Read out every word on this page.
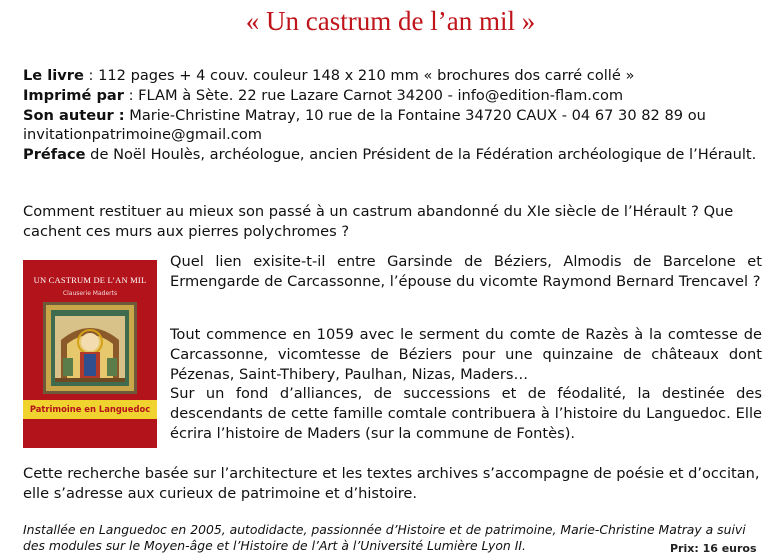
« Un castrum de l’an mil »
Le livre : 112 pages + 4 couv. couleur 148 x 210 mm « brochures dos carré collé »
Imprimé par : FLAM à Sète. 22 rue Lazare Carnot 34200 - info@edition-flam.com
Son auteur : Marie-Christine Matray, 10 rue de la Fontaine 34720 CAUX - 04 67 30 82 89 ou invitationpatrimoine@gmail.com
Préface de Noël Houlès, archéologue, ancien Président de la Fédération archéologique de l’Hérault.
Comment restituer au mieux son passé à un castrum abandonné du XIe siècle de l’Hérault ? Que cachent ces murs aux pierres polychromes ?
UN CASTRUM DE L’AN MIL
Clauserie Maderts
Patrimoine en Languedoc
Quel lien exisite-t-il entre Garsinde de Béziers, Almodis de Barcelone et Ermengarde de Carcassonne, l’épouse du vicomte Raymond Bernard Trencavel ?
Tout commence en 1059 avec le serment du comte de Razès à la comtesse de Carcassonne, vicomtesse de Béziers pour une quinzaine de châteaux dont Pézenas, Saint-Thibery, Paulhan, Nizas, Maders…
Sur un fond d’alliances, de successions et de féodalité, la destinée des descendants de cette famille comtale contribuera à l’histoire du Languedoc. Elle écrira l’histoire de Maders (sur la commune de Fontès).
Cette recherche basée sur l’architecture et les textes archives s’accompagne de poésie et d’occitan, elle s’adresse aux curieux de patrimoine et d’histoire.
Installée en Languedoc en 2005, autodidacte, passionnée d’Histoire et de patrimoine, Marie-Christine Matray a suivi des modules sur le Moyen-âge et l’Histoire de l’Art à l’Université Lumière Lyon II.	Prix: 16 euros
